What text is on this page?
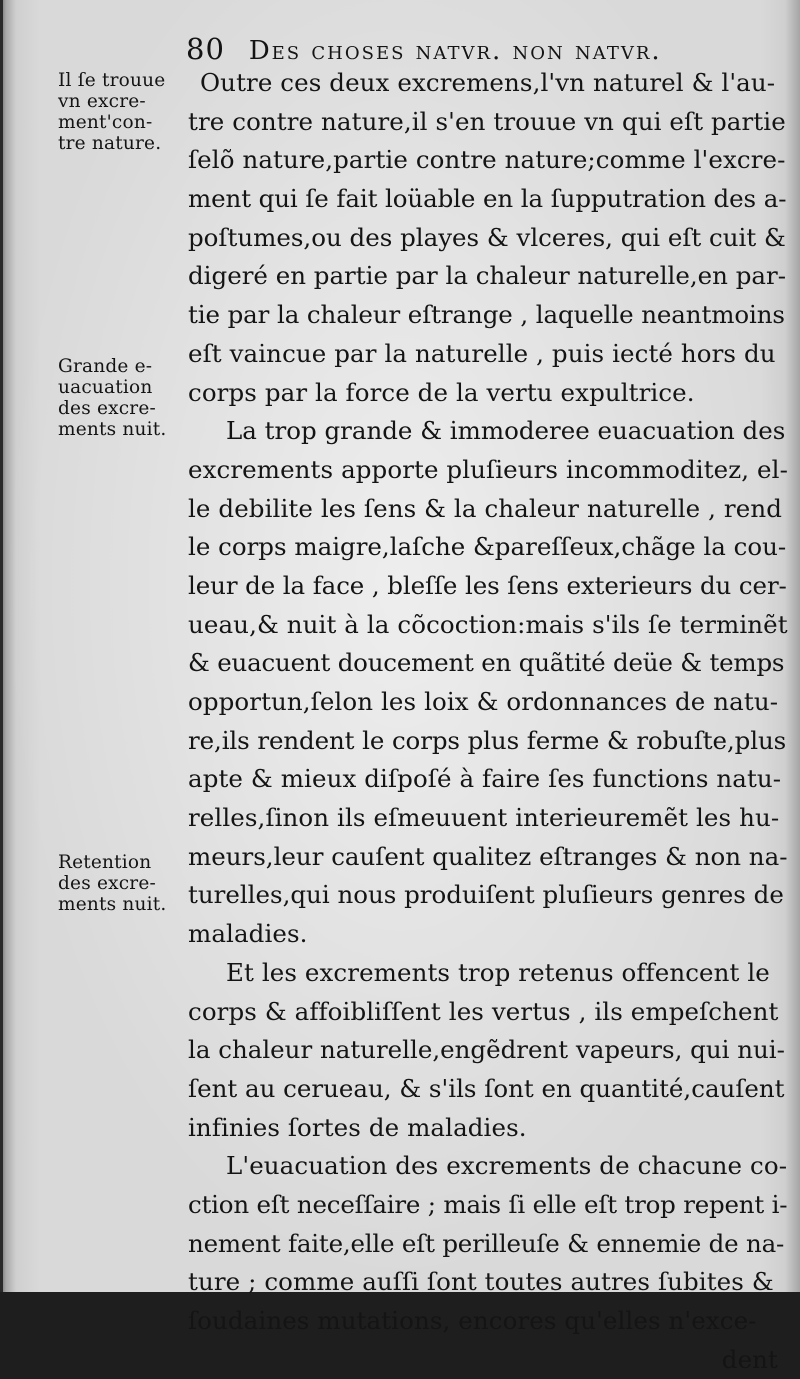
80 Des choses natvr. non natvr.
Il ſe trouue
vn excre-
ment'con-
tre nature.
Grande e-
uacuation
des excre-
ments nuit.
Retention
des excre-
ments nuit.
Outre ces deux excremens,l'vn naturel & l'au-
tre contre nature,il s'en trouue vn qui eſt partie
ſelõ nature,partie contre nature;comme l'excre-
ment qui ſe fait loüable en la ſupputration des a-
poſtumes,ou des playes & vlceres, qui eſt cuit &
digeré en partie par la chaleur naturelle,en par-
tie par la chaleur eſtrange , laquelle neantmoins
eſt vaincue par la naturelle , puis iecté hors du
corps par la force de la vertu expultrice.
La trop grande & immoderee euacuation des
excrements apporte pluſieurs incommoditez, el-
le debilite les ſens & la chaleur naturelle , rend
le corps maigre,laſche &pareſſeux,chãge la cou-
leur de la face , bleſſe les ſens exterieurs du cer-
ueau,& nuit à la cõcoction:mais s'ils ſe terminẽt
& euacuent doucement en quãtité deüe & temps
opportun,ſelon les loix & ordonnances de natu-
re,ils rendent le corps plus ferme & robuſte,plus
apte & mieux diſpoſé à faire ſes functions natu-
relles,ſinon ils eſmeuuent interieuremẽt les hu-
meurs,leur cauſent qualitez eſtranges & non na-
turelles,qui nous produiſent pluſieurs genres de
maladies.
Et les excrements trop retenus offencent le
corps & affoibliſſent les vertus , ils empeſchent
la chaleur naturelle,engẽdrent vapeurs, qui nui-
ſent au cerueau, & s'ils ſont en quantité,cauſent
infinies ſortes de maladies.
L'euacuation des excrements de chacune co-
ction eſt neceſſaire ; mais ſi elle eſt trop repent i-
nement faite,elle eſt perilleuſe & ennemie de na-
ture ; comme auſſi ſont toutes autres ſubites &
ſoudaines mutations, encores qu'elles n'exce-
dent
